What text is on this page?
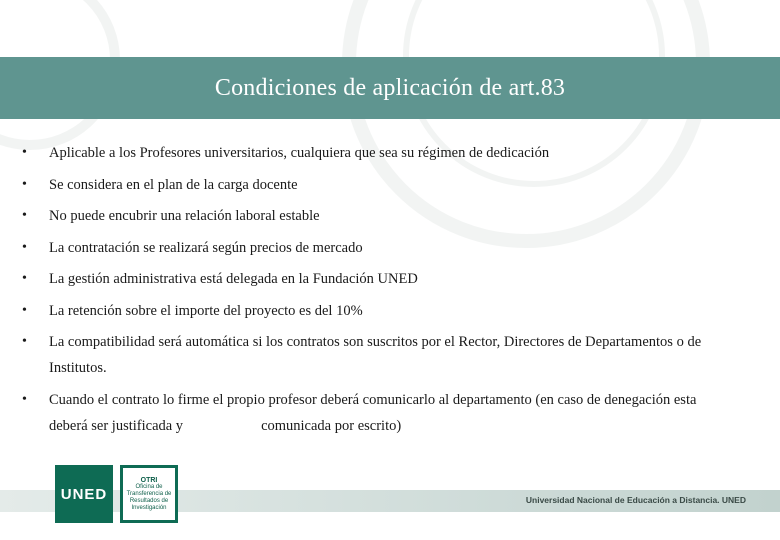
Condiciones de aplicación de art.83
• Aplicable a los Profesores universitarios, cualquiera que sea su régimen de dedicación
• Se considera en el plan de la carga docente
• No puede encubrir una relación laboral estable
• La contratación se realizará según precios de mercado
• La gestión administrativa está delegada en la Fundación UNED
• La retención sobre el importe del proyecto es del 10%
• La compatibilidad será automática si los contratos son suscritos por el Rector, Directores de Departamentos o de Institutos.
• Cuando el contrato lo firme el propio profesor deberá comunicarlo al departamento (en caso de denegación esta deberá ser justificada y	comunicada por escrito)
Universidad Nacional de Educación a Distancia. UNED
UNED
OTRI
Oficina de Transferencia de Resultados de Investigación
